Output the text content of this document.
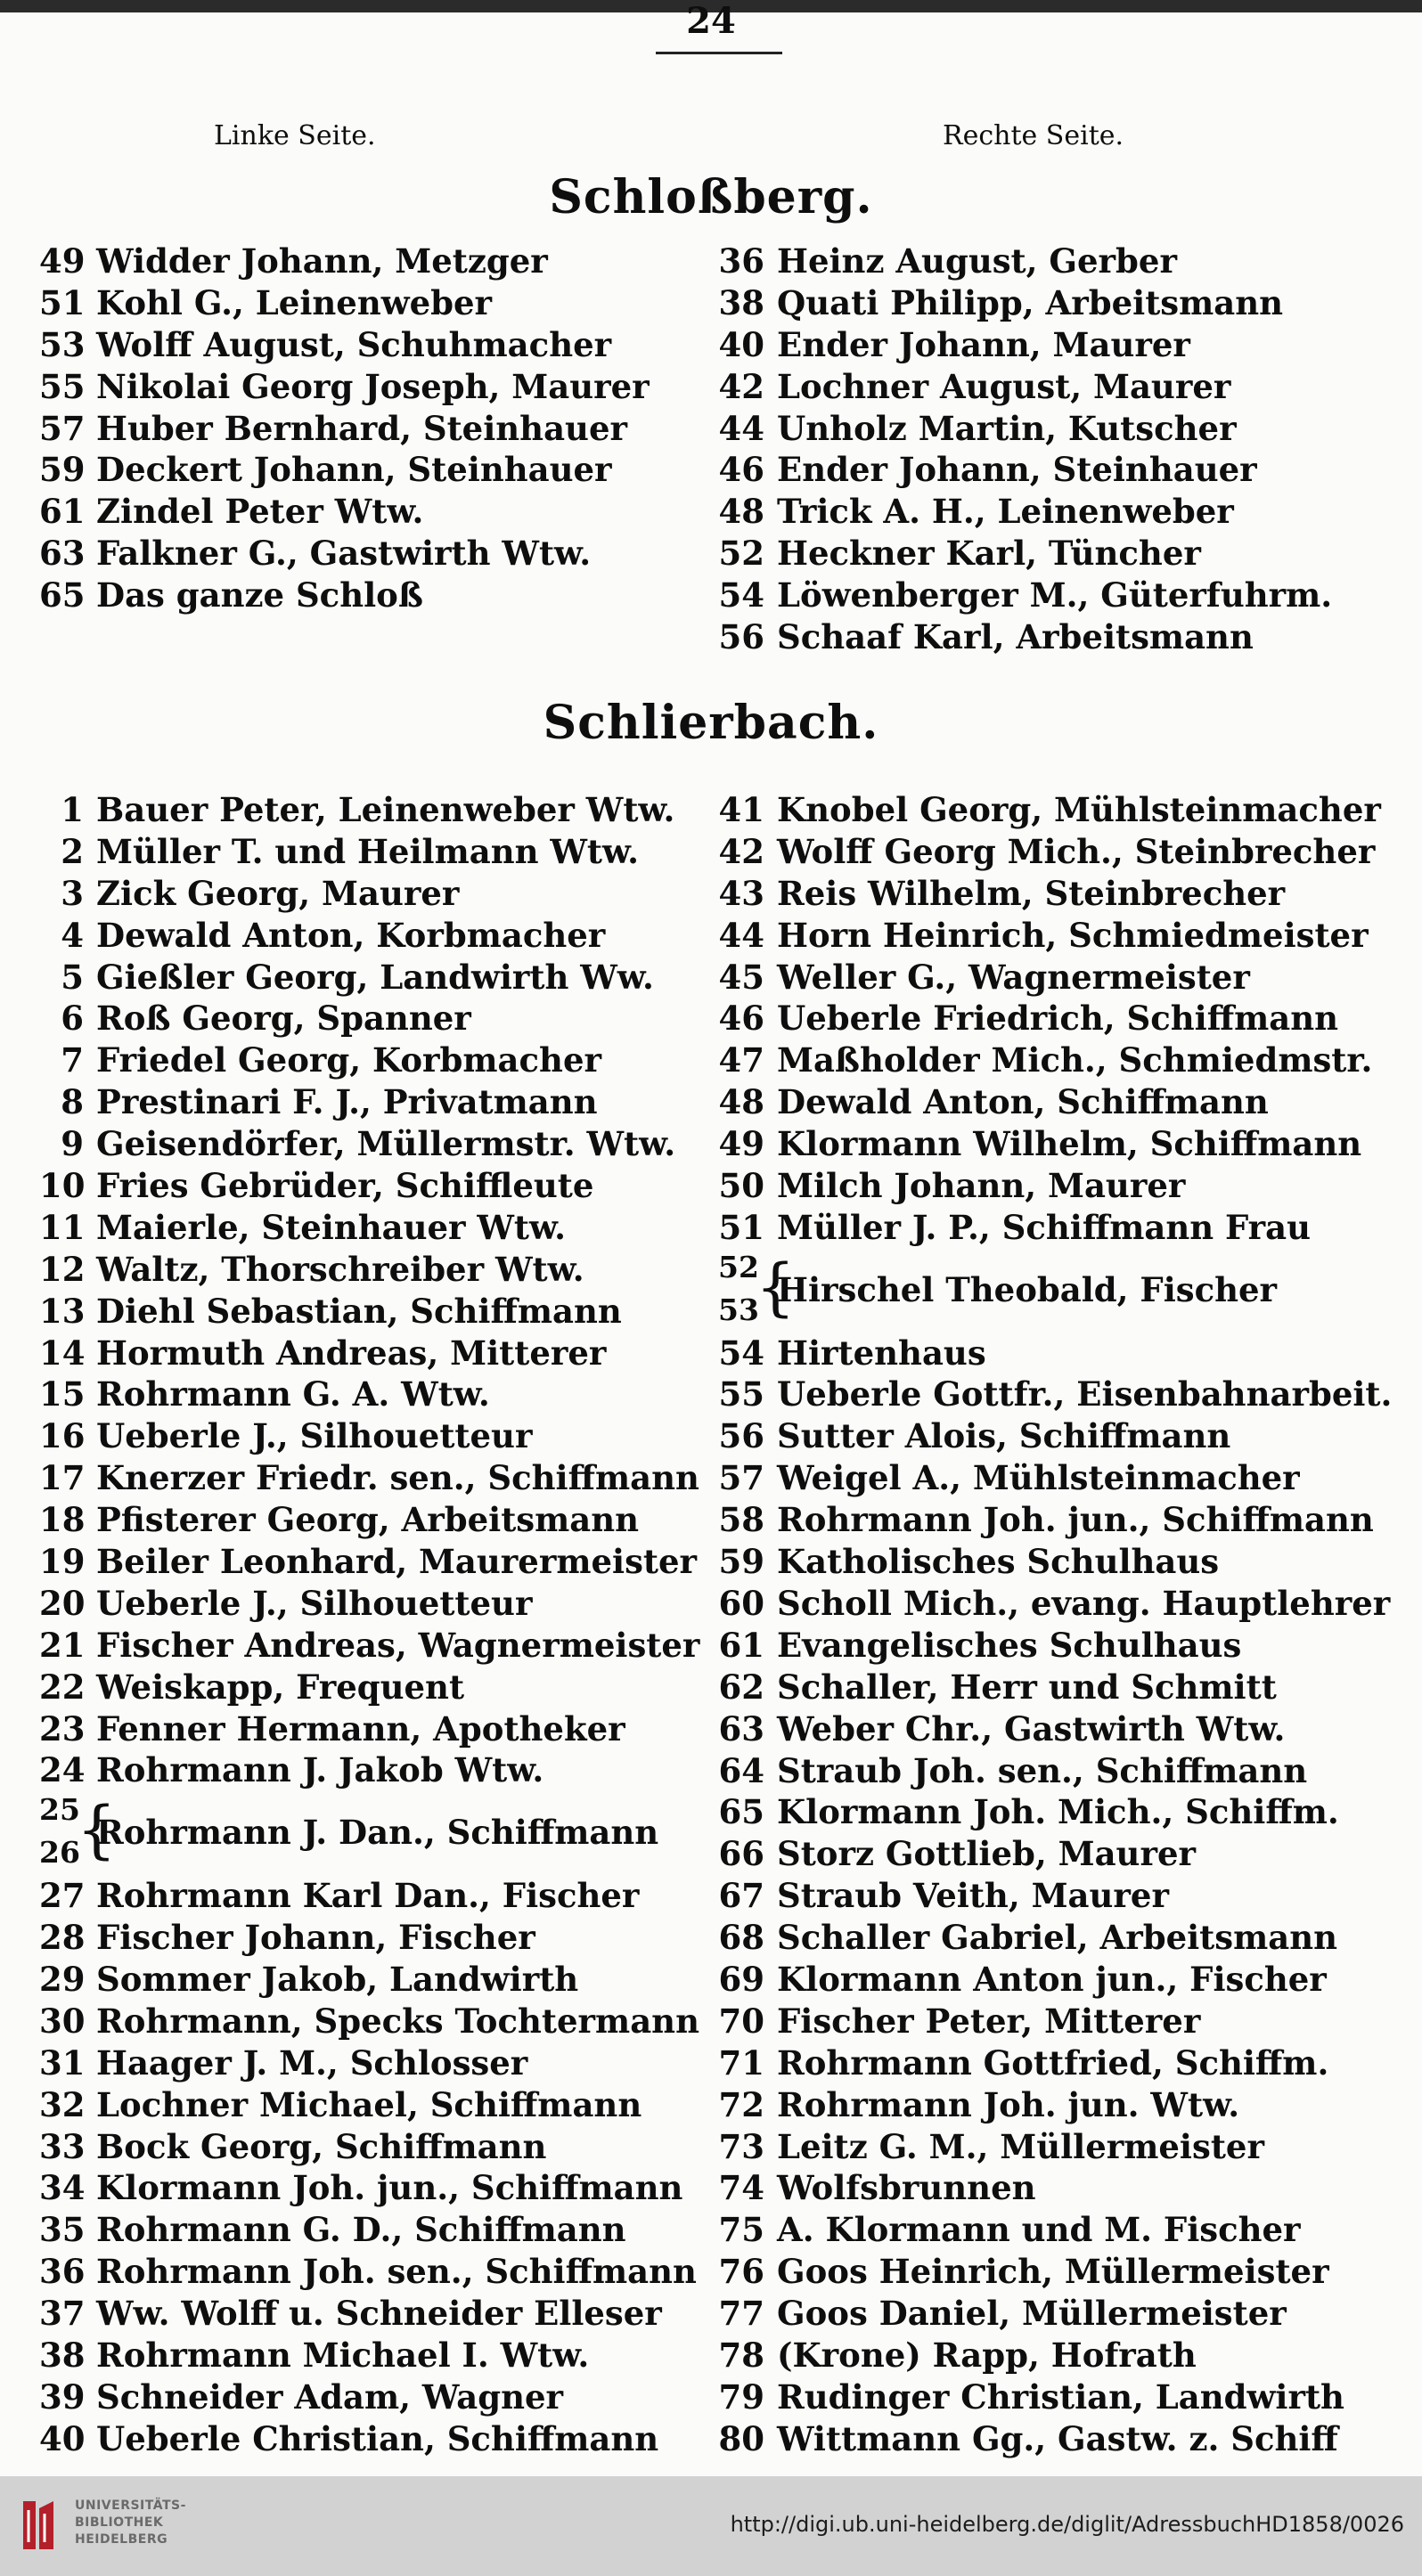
24
Linke Seite.	Rechte Seite.
Schloßberg.
49 Widder Johann, Metzger
51 Kohl G., Leinenweber
53 Wolff August, Schuhmacher
55 Nikolai Georg Joseph, Maurer
57 Huber Bernhard, Steinhauer
59 Deckert Johann, Steinhauer
61 Zindel Peter Wtw.
63 Falkner G., Gastwirth Wtw.
65 Das ganze Schloß
36 Heinz August, Gerber
38 Quati Philipp, Arbeitsmann
40 Ender Johann, Maurer
42 Lochner August, Maurer
44 Unholz Martin, Kutscher
46 Ender Johann, Steinhauer
48 Trick A. H., Leinenweber
52 Heckner Karl, Tüncher
54 Löwenberger M., Güterfuhrm.
56 Schaaf Karl, Arbeitsmann
Schlierbach.
1 Bauer Peter, Leinenweber Wtw.
2 Müller T. und Heilmann Wtw.
3 Zick Georg, Maurer
4 Dewald Anton, Korbmacher
5 Gießler Georg, Landwirth Ww.
6 Roß Georg, Spanner
7 Friedel Georg, Korbmacher
8 Prestinari F. J., Privatmann
9 Geisendörfer, Müllermstr. Wtw.
10 Fries Gebrüder, Schiffleute
11 Maierle, Steinhauer Wtw.
12 Waltz, Thorschreiber Wtw.
13 Diehl Sebastian, Schiffmann
14 Hormuth Andreas, Mitterer
15 Rohrmann G. A. Wtw.
16 Ueberle J., Silhouetteur
17 Knerzer Friedr. sen., Schiffmann
18 Pfisterer Georg, Arbeitsmann
19 Beiler Leonhard, Maurermeister
20 Ueberle J., Silhouetteur
21 Fischer Andreas, Wagnermeister
22 Weiskapp, Frequent
23 Fenner Hermann, Apotheker
24 Rohrmann J. Jakob Wtw.
25
26
{
Rohrmann J. Dan., Schiffmann
27 Rohrmann Karl Dan., Fischer
28 Fischer Johann, Fischer
29 Sommer Jakob, Landwirth
30 Rohrmann, Specks Tochtermann
31 Haager J. M., Schlosser
32 Lochner Michael, Schiffmann
33 Bock Georg, Schiffmann
34 Klormann Joh. jun., Schiffmann
35 Rohrmann G. D., Schiffmann
36 Rohrmann Joh. sen., Schiffmann
37 Ww. Wolff u. Schneider Elleser
38 Rohrmann Michael I. Wtw.
39 Schneider Adam, Wagner
40 Ueberle Christian, Schiffmann
41 Knobel Georg, Mühlsteinmacher
42 Wolff Georg Mich., Steinbrecher
43 Reis Wilhelm, Steinbrecher
44 Horn Heinrich, Schmiedmeister
45 Weller G., Wagnermeister
46 Ueberle Friedrich, Schiffmann
47 Maßholder Mich., Schmiedmstr.
48 Dewald Anton, Schiffmann
49 Klormann Wilhelm, Schiffmann
50 Milch Johann, Maurer
51 Müller J. P., Schiffmann Frau
52
53
{
Hirschel Theobald, Fischer
54 Hirtenhaus
55 Ueberle Gottfr., Eisenbahnarbeit.
56 Sutter Alois, Schiffmann
57 Weigel A., Mühlsteinmacher
58 Rohrmann Joh. jun., Schiffmann
59 Katholisches Schulhaus
60 Scholl Mich., evang. Hauptlehrer
61 Evangelisches Schulhaus
62 Schaller, Herr und Schmitt
63 Weber Chr., Gastwirth Wtw.
64 Straub Joh. sen., Schiffmann
65 Klormann Joh. Mich., Schiffm.
66 Storz Gottlieb, Maurer
67 Straub Veith, Maurer
68 Schaller Gabriel, Arbeitsmann
69 Klormann Anton jun., Fischer
70 Fischer Peter, Mitterer
71 Rohrmann Gottfried, Schiffm.
72 Rohrmann Joh. jun. Wtw.
73 Leitz G. M., Müllermeister
74 Wolfsbrunnen
75 A. Klormann und M. Fischer
76 Goos Heinrich, Müllermeister
77 Goos Daniel, Müllermeister
78 (Krone) Rapp, Hofrath
79 Rudinger Christian, Landwirth
80 Wittmann Gg., Gastw. z. Schiff
UNIVERSITÄTS-
BIBLIOTHEK
HEIDELBERG
http://digi.ub.uni-heidelberg.de/diglit/AdressbuchHD1858/0026
